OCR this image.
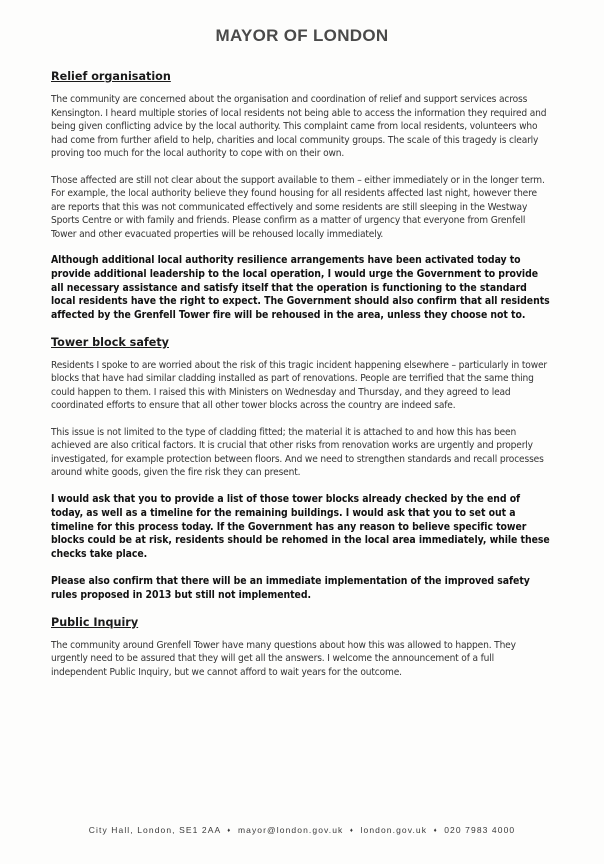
MAYOR OF LONDON
Relief organisation

The community are concerned about the organisation and coordination of relief and support services across Kensington. I heard multiple stories of local residents not being able to access the information they required and being given conflicting advice by the local authority. This complaint came from local residents, volunteers who had come from further afield to help, charities and local community groups. The scale of this tragedy is clearly proving too much for the local authority to cope with on their own.

Those affected are still not clear about the support available to them – either immediately or in the longer term. For example, the local authority believe they found housing for all residents affected last night, however there are reports that this was not communicated effectively and some residents are still sleeping in the Westway Sports Centre or with family and friends. Please confirm as a matter of urgency that everyone from Grenfell Tower and other evacuated properties will be rehoused locally immediately.

Although additional local authority resilience arrangements have been activated today to provide additional leadership to the local operation, I would urge the Government to provide all necessary assistance and satisfy itself that the operation is functioning to the standard local residents have the right to expect. The Government should also confirm that all residents affected by the Grenfell Tower fire will be rehoused in the area, unless they choose not to.

Tower block safety

Residents I spoke to are worried about the risk of this tragic incident happening elsewhere – particularly in tower blocks that have had similar cladding installed as part of renovations. People are terrified that the same thing could happen to them. I raised this with Ministers on Wednesday and Thursday, and they agreed to lead coordinated efforts to ensure that all other tower blocks across the country are indeed safe.

This issue is not limited to the type of cladding fitted; the material it is attached to and how this has been achieved are also critical factors. It is crucial that other risks from renovation works are urgently and properly investigated, for example protection between floors. And we need to strengthen standards and recall processes around white goods, given the fire risk they can present.

I would ask that you to provide a list of those tower blocks already checked by the end of today, as well as a timeline for the remaining buildings. I would ask that you to set out a timeline for this process today. If the Government has any reason to believe specific tower blocks could be at risk, residents should be rehomed in the local area immediately, while these checks take place.

Please also confirm that there will be an immediate implementation of the improved safety rules proposed in 2013 but still not implemented.

Public Inquiry

The community around Grenfell Tower have many questions about how this was allowed to happen. They urgently need to be assured that they will get all the answers. I welcome the announcement of a full independent Public Inquiry, but we cannot afford to wait years for the outcome.

City Hall, London, SE1 2AA ♦ mayor@london.gov.uk ♦ london.gov.uk ♦ 020 7983 4000
